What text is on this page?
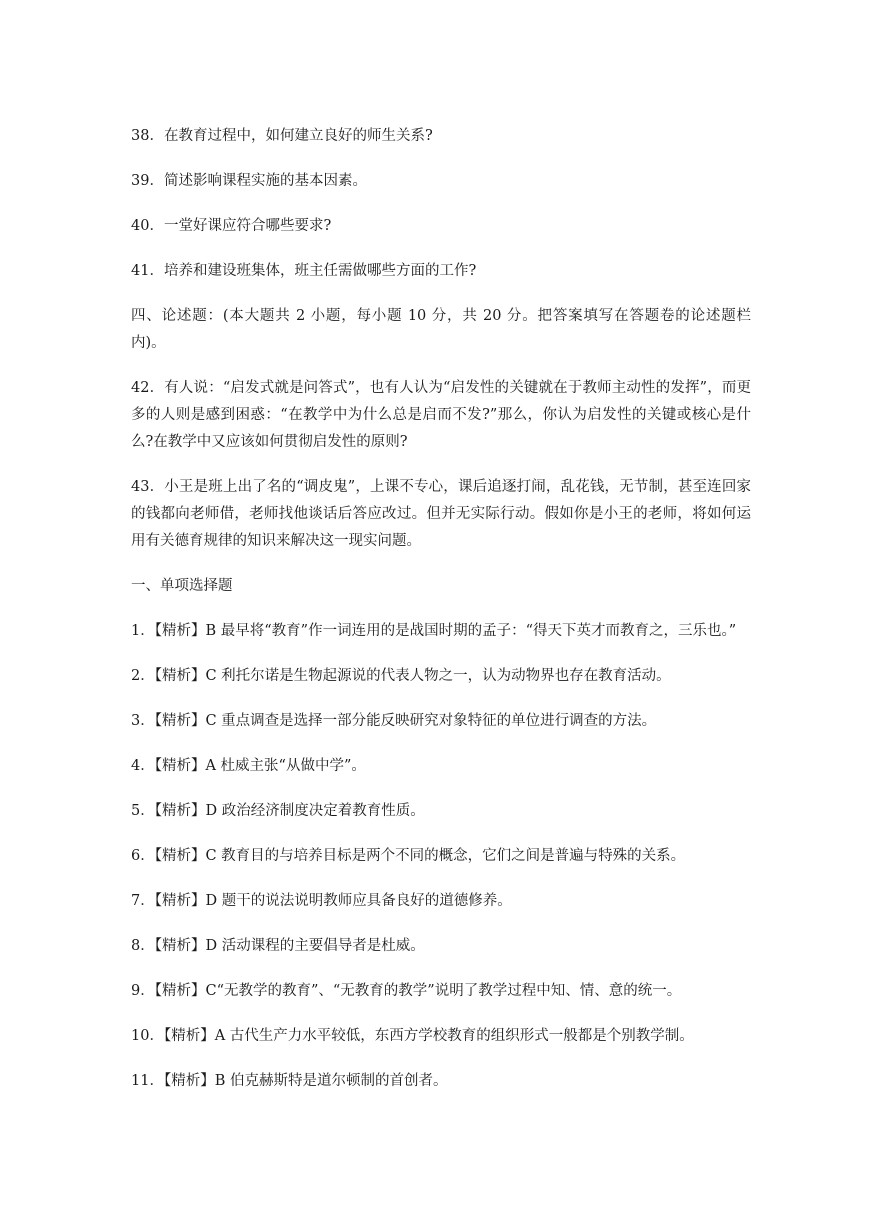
38．在教育过程中，如何建立良好的师生关系?

39．简述影响课程实施的基本因素。

40．一堂好课应符合哪些要求?

41．培养和建设班集体，班主任需做哪些方面的工作?

四、论述题：(本大题共 2 小题，每小题 10 分，共 20 分。把答案填写在答题卷的论述题栏内)。

42．有人说：“启发式就是问答式”，也有人认为“启发性的关键就在于教师主动性的发挥”，而更多的人则是感到困惑：“在教学中为什么总是启而不发?”那么，你认为启发性的关键或核心是什么?在教学中又应该如何贯彻启发性的原则?

43．小王是班上出了名的“调皮鬼”，上课不专心，课后追逐打闹，乱花钱，无节制，甚至连回家的钱都向老师借，老师找他谈话后答应改过。但并无实际行动。假如你是小王的老师，将如何运用有关德育规律的知识来解决这一现实问题。

一、单项选择题

1．【精析】B 最早将“教育”作一词连用的是战国时期的孟子：“得天下英才而教育之，三乐也。”

2．【精析】C 利托尔诺是生物起源说的代表人物之一，认为动物界也存在教育活动。

3．【精析】C 重点调查是选择一部分能反映研究对象特征的单位进行调查的方法。

4．【精析】A 杜威主张“从做中学”。

5．【精析】D 政治经济制度决定着教育性质。

6．【精析】C 教育目的与培养目标是两个不同的概念，它们之间是普遍与特殊的关系。

7．【精析】D 题干的说法说明教师应具备良好的道德修养。

8．【精析】D 活动课程的主要倡导者是杜威。

9．【精析】C“无教学的教育”、“无教育的教学”说明了教学过程中知、情、意的统一。

10．【精析】A 古代生产力水平较低，东西方学校教育的组织形式一般都是个别教学制。

11．【精析】B 伯克赫斯特是道尔顿制的首创者。
